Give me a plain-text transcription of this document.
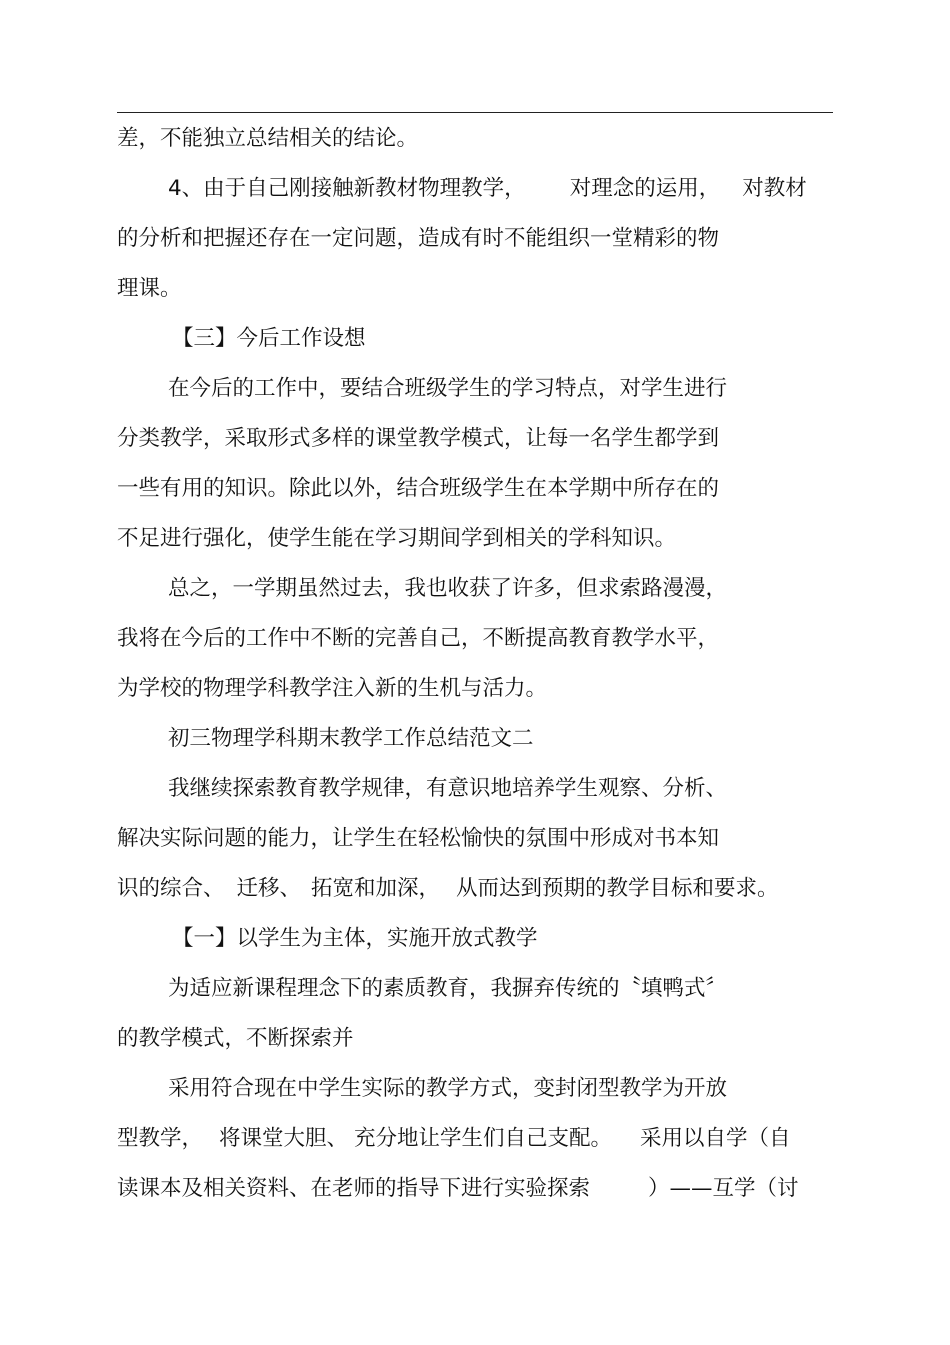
差，不能独立总结相关的结论。
4、由于自己刚接触新教材物理教学， 对理念的运用， 对教材
的分析和把握还存在一定问题，造成有时不能组织一堂精彩的物
理课。
【三】今后工作设想
在今后的工作中，要结合班级学生的学习特点，对学生进行
分类教学，采取形式多样的课堂教学模式，让每一名学生都学到
一些有用的知识。除此以外，结合班级学生在本学期中所存在的
不足进行强化，使学生能在学习期间学到相关的学科知识。
总之，一学期虽然过去，我也收获了许多，但求索路漫漫，
我将在今后的工作中不断的完善自己，不断提高教育教学水平，
为学校的物理学科教学注入新的生机与活力。
初三物理学科期末教学工作总结范文二
我继续探索教育教学规律，有意识地培养学生观察、分析、
解决实际问题的能力，让学生在轻松愉快的氛围中形成对书本知
识的综合、 迁移、 拓宽和加深， 从而达到预期的教学目标和要求。
【一】以学生为主体，实施开放式教学
为适应新课程理念下的素质教育，我摒弃传统的〝填鸭式〞
的教学模式，不断探索并
采用符合现在中学生实际的教学方式，变封闭型教学为开放
型教学， 将课堂大胆、 充分地让学生们自己支配。 采用以自学（自
读课本及相关资料、在老师的指导下进行实验探索	）——互学（讨
